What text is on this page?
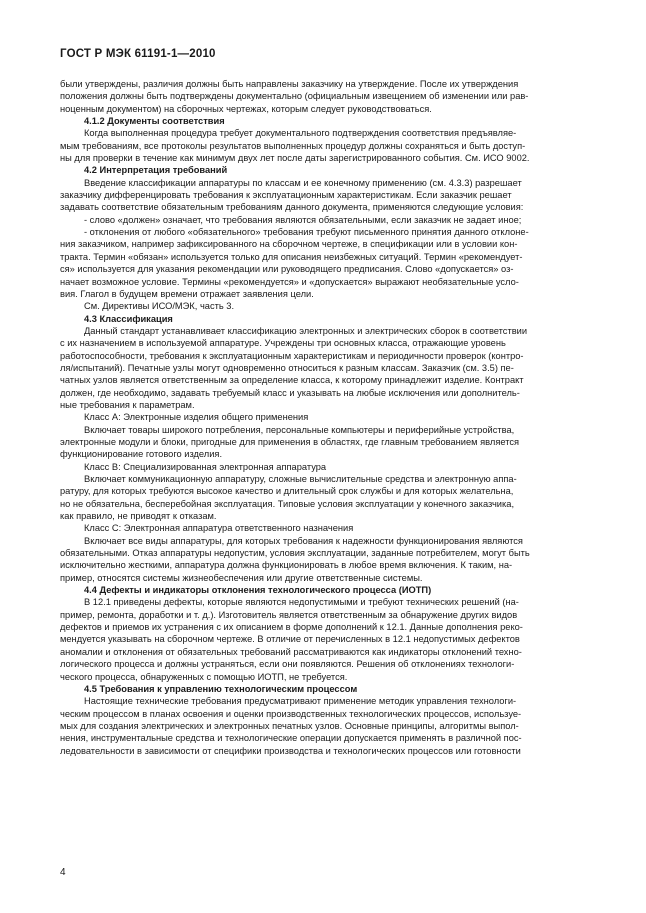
ГОСТ Р МЭК 61191-1—2010
были утверждены, различия должны быть направлены заказчику на утверждение. После их утверждения
положения должны быть подтверждены документально (официальным извещением об изменении или рав-
ноценным документом) на сборочных чертежах, которым следует руководствоваться.
4.1.2 Документы соответствия
Когда выполненная процедура требует документального подтверждения соответствия предъявляе-
мым требованиям, все протоколы результатов выполненных процедур должны сохраняться и быть доступ-
ны для проверки в течение как минимум двух лет после даты зарегистрированного события. См. ИСО 9002.
4.2 Интерпретация требований
Введение классификации аппаратуры по классам и ее конечному применению (см. 4.3.3) разрешает
заказчику дифференцировать требования к эксплуатационным характеристикам. Если заказчик решает
задавать соответствие обязательным требованиям данного документа, применяются следующие условия:
- слово «должен» означает, что требования являются обязательными, если заказчик не задает иное;
- отклонения от любого «обязательного» требования требуют письменного принятия данного отклоне-
ния заказчиком, например зафиксированного на сборочном чертеже, в спецификации или в условии кон-
тракта. Термин «обязан» используется только для описания неизбежных ситуаций. Термин «рекомендует-
ся» используется для указания рекомендации или руководящего предписания. Слово «допускается» оз-
начает возможное условие. Термины «рекомендуется» и «допускается» выражают необязательные усло-
вия. Глагол в будущем времени отражает заявления цели.
См. Директивы ИСО/МЭК, часть 3.
4.3 Классификация
Данный стандарт устанавливает классификацию электронных и электрических сборок в соответствии
с их назначением в используемой аппаратуре. Учреждены три основных класса, отражающие уровень
работоспособности, требования к эксплуатационным характеристикам и периодичности проверок (контро-
ля/испытаний). Печатные узлы могут одновременно относиться к разным классам. Заказчик (см. 3.5) пе-
чатных узлов является ответственным за определение класса, к которому принадлежит изделие. Контракт
должен, где необходимо, задавать требуемый класс и указывать на любые исключения или дополнитель-
ные требования к параметрам.
Класс А: Электронные изделия общего применения
Включает товары широкого потребления, персональные компьютеры и периферийные устройства,
электронные модули и блоки, пригодные для применения в областях, где главным требованием является
функционирование готового изделия.
Класс В: Специализированная электронная аппаратура
Включает коммуникационную аппаратуру, сложные вычислительные средства и электронную аппа-
ратуру, для которых требуются высокое качество и длительный срок службы и для которых желательна,
но не обязательна, бесперебойная эксплуатация. Типовые условия эксплуатации у конечного заказчика,
как правило, не приводят к отказам.
Класс С: Электронная аппаратура ответственного назначения
Включает все виды аппаратуры, для которых требования к надежности функционирования являются
обязательными. Отказ аппаратуры недопустим, условия эксплуатации, заданные потребителем, могут быть
исключительно жесткими, аппаратура должна функционировать в любое время включения. К таким, на-
пример, относятся системы жизнеобеспечения или другие ответственные системы.
4.4 Дефекты и индикаторы отклонения технологического процесса (ИОТП)
В 12.1 приведены дефекты, которые являются недопустимыми и требуют технических решений (на-
пример, ремонта, доработки и т. д.). Изготовитель является ответственным за обнаружение других видов
дефектов и приемов их устранения с их описанием в форме дополнений к 12.1. Данные дополнения реко-
мендуется указывать на сборочном чертеже. В отличие от перечисленных в 12.1 недопустимых дефектов
аномалии и отклонения от обязательных требований рассматриваются как индикаторы отклонений техно-
логического процесса и должны устраняться, если они появляются. Решения об отклонениях технологи-
ческого процесса, обнаруженных с помощью ИОТП, не требуется.
4.5 Требования к управлению технологическим процессом
Настоящие технические требования предусматривают применение методик управления технологи-
ческим процессом в планах освоения и оценки производственных технологических процессов, используе-
мых для создания электрических и электронных печатных узлов. Основные принципы, алгоритмы выпол-
нения, инструментальные средства и технологические операции допускается применять в различной пос-
ледовательности в зависимости от специфики производства и технологических процессов или готовности
4
